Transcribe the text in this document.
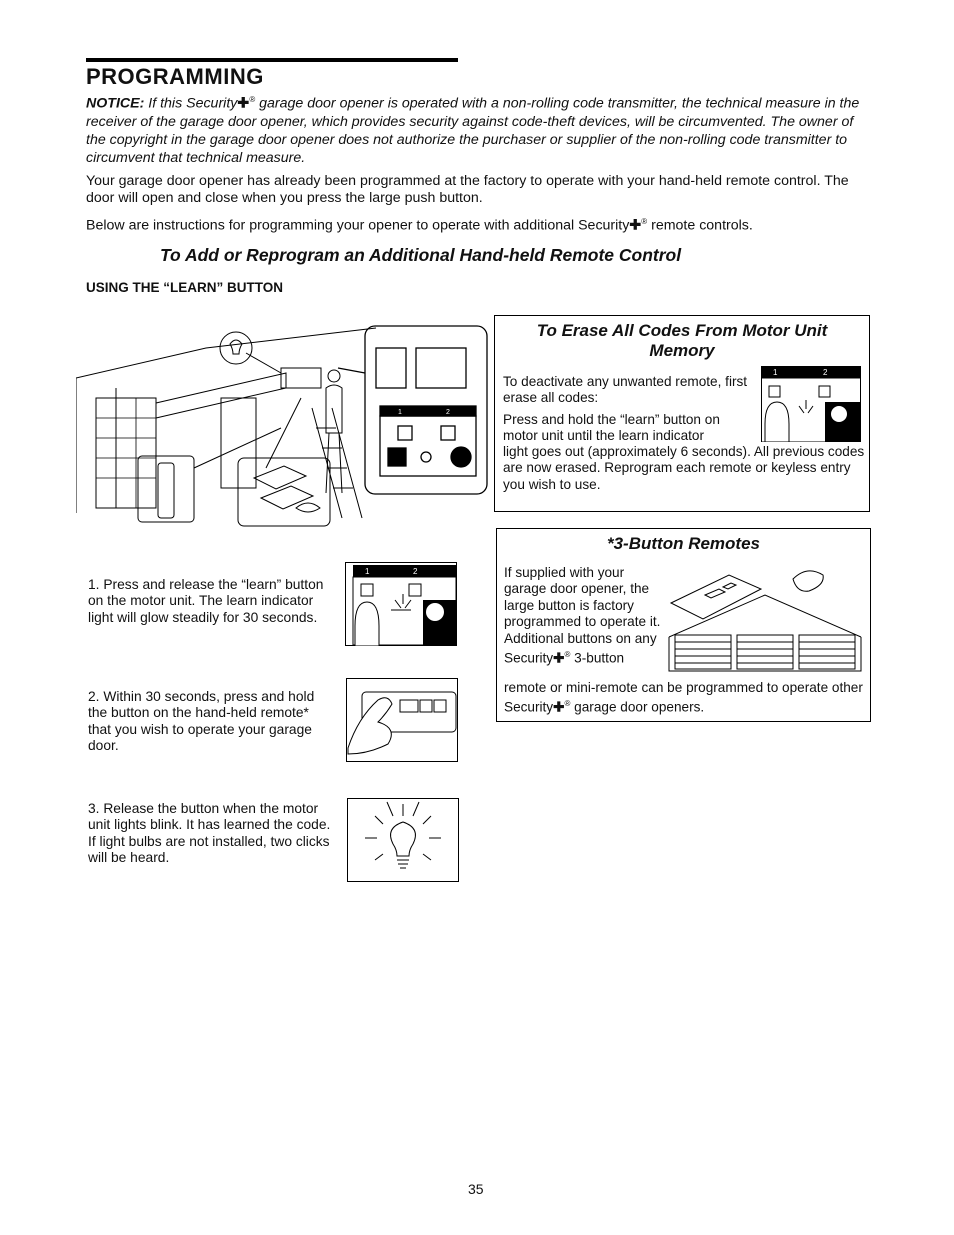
PROGRAMMING
NOTICE: If this Security✚® garage door opener is operated with a non-rolling code transmitter, the technical measure in the receiver of the garage door opener, which provides security against code-theft devices, will be circumvented. The owner of the copyright in the garage door opener does not authorize the purchaser or supplier of the non-rolling code transmitter to circumvent that technical measure.
Your garage door opener has already been programmed at the factory to operate with your hand-held remote control. The door will open and close when you press the large push button.
Below are instructions for programming your opener to operate with additional Security✚® remote controls.
To Add or Reprogram an Additional Hand-held Remote Control
USING THE “LEARN” BUTTON
1	2
1. Press and release the “learn” button on the motor unit. The learn indicator light will glow steadily for 30 seconds.
2. Within 30 seconds, press and hold the button on the hand-held remote* that you wish to operate your garage door.
3. Release the button when the motor unit lights blink. It has learned the code. If light bulbs are not installed, two clicks will be heard.
1	2
To Erase All Codes From Motor Unit Memory
To deactivate any unwanted remote, first erase all codes:
Press and hold the “learn” button on motor unit until the learn indicator
light goes out (approximately 6 seconds). All previous codes are now erased. Reprogram each remote or keyless entry you wish to use.
1	2
*3-Button Remotes
If supplied with your garage door opener, the large button is factory programmed to operate it. Additional buttons on any Security✚® 3-button
remote or mini-remote can be programmed to operate other Security✚® garage door openers.
35
